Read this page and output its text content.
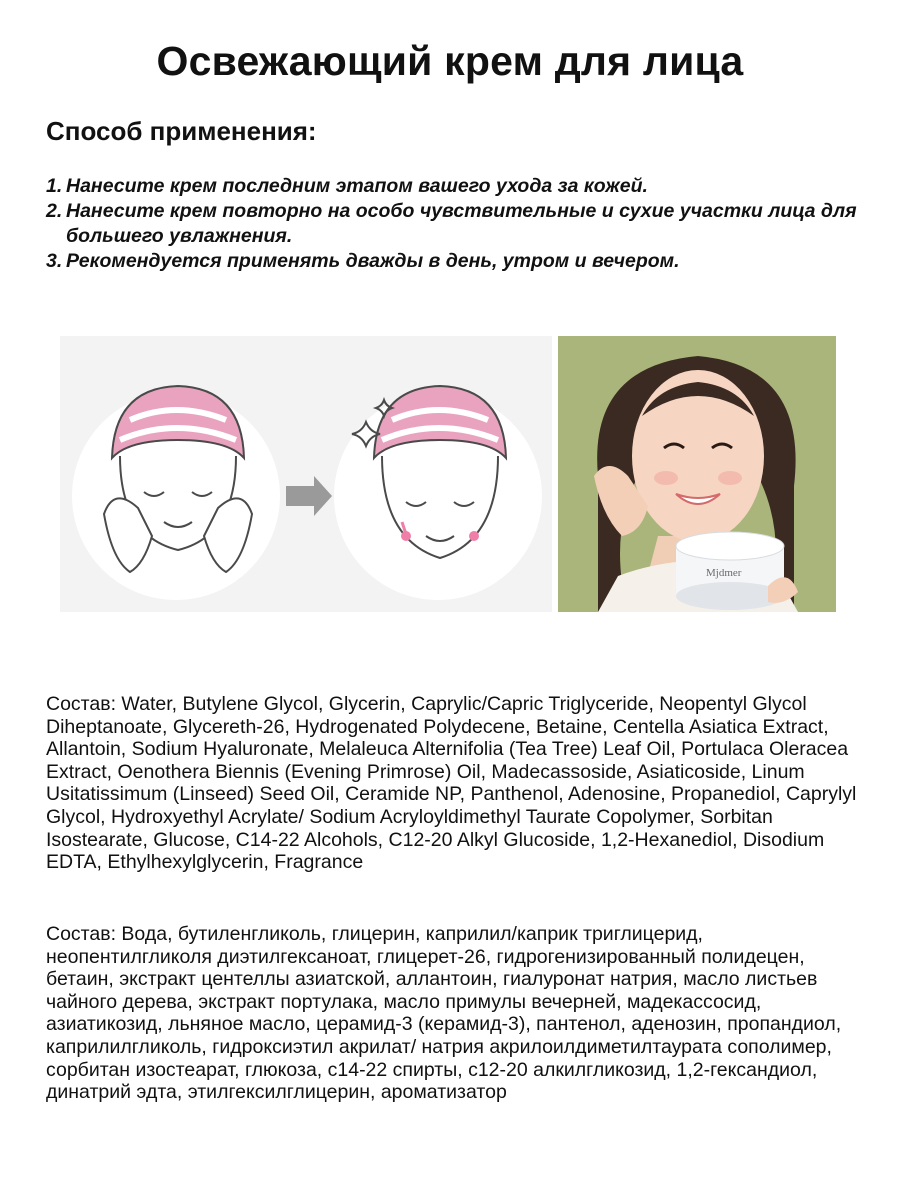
Освежающий крем для лица
Способ применения:
1. Нанесите крем последним этапом вашего ухода за кожей.
2. Нанесите крем повторно на особо чувствительные и сухие участки лица для большего увлажнения.
3. Рекомендуется применять дважды в день, утром и вечером.
Mjdmer
Состав: Water, Butylene Glycol, Glycerin, Caprylic/Capric Triglyceride, Neopentyl Glycol Diheptanoate, Glycereth-26, Hydrogenated Polydecene, Betaine, Centella Asiatica Extract, Allantoin, Sodium Hyaluronate, Melaleuca Alternifolia (Tea Tree) Leaf Oil, Portulaca Oleracea Extract, Oenothera Biennis (Evening Primrose) Oil, Madecassoside, Asiaticoside, Linum Usitatissimum (Linseed) Seed Oil, Ceramide NP, Panthenol, Adenosine, Propanediol, Caprylyl Glycol, Hydroxyethyl Acrylate/ Sodium Acryloyldimethyl Taurate Copolymer, Sorbitan Isostearate, Glucose, C14-22 Alcohols, C12-20 Alkyl Glucoside, 1,2-Hexanediol, Disodium EDTA, Ethylhexylglycerin, Fragrance
Состав: Вода, бутиленгликоль, глицерин, каприлил/каприк триглицерид, неопентилгликоля диэтилгексаноат, глицерет-26, гидрогенизированный полидецен, бетаин, экстракт центеллы азиатской, аллантоин, гиалуронат натрия, масло листьев чайного дерева, экстракт портулака, масло примулы вечерней, мадекассосид, азиатикозид, льняное масло, церамид-3 (керамид-3), пантенол, аденозин, пропандиол, каприлилгликоль, гидроксиэтил акрилат/ натрия акрилоилдиметилтаурата сополимер, сорбитан изостеарат, глюкоза, с14-22 спирты, с12-20 алкилгликозид, 1,2-гександиол, динатрий эдта, этилгексилглицерин, ароматизатор
